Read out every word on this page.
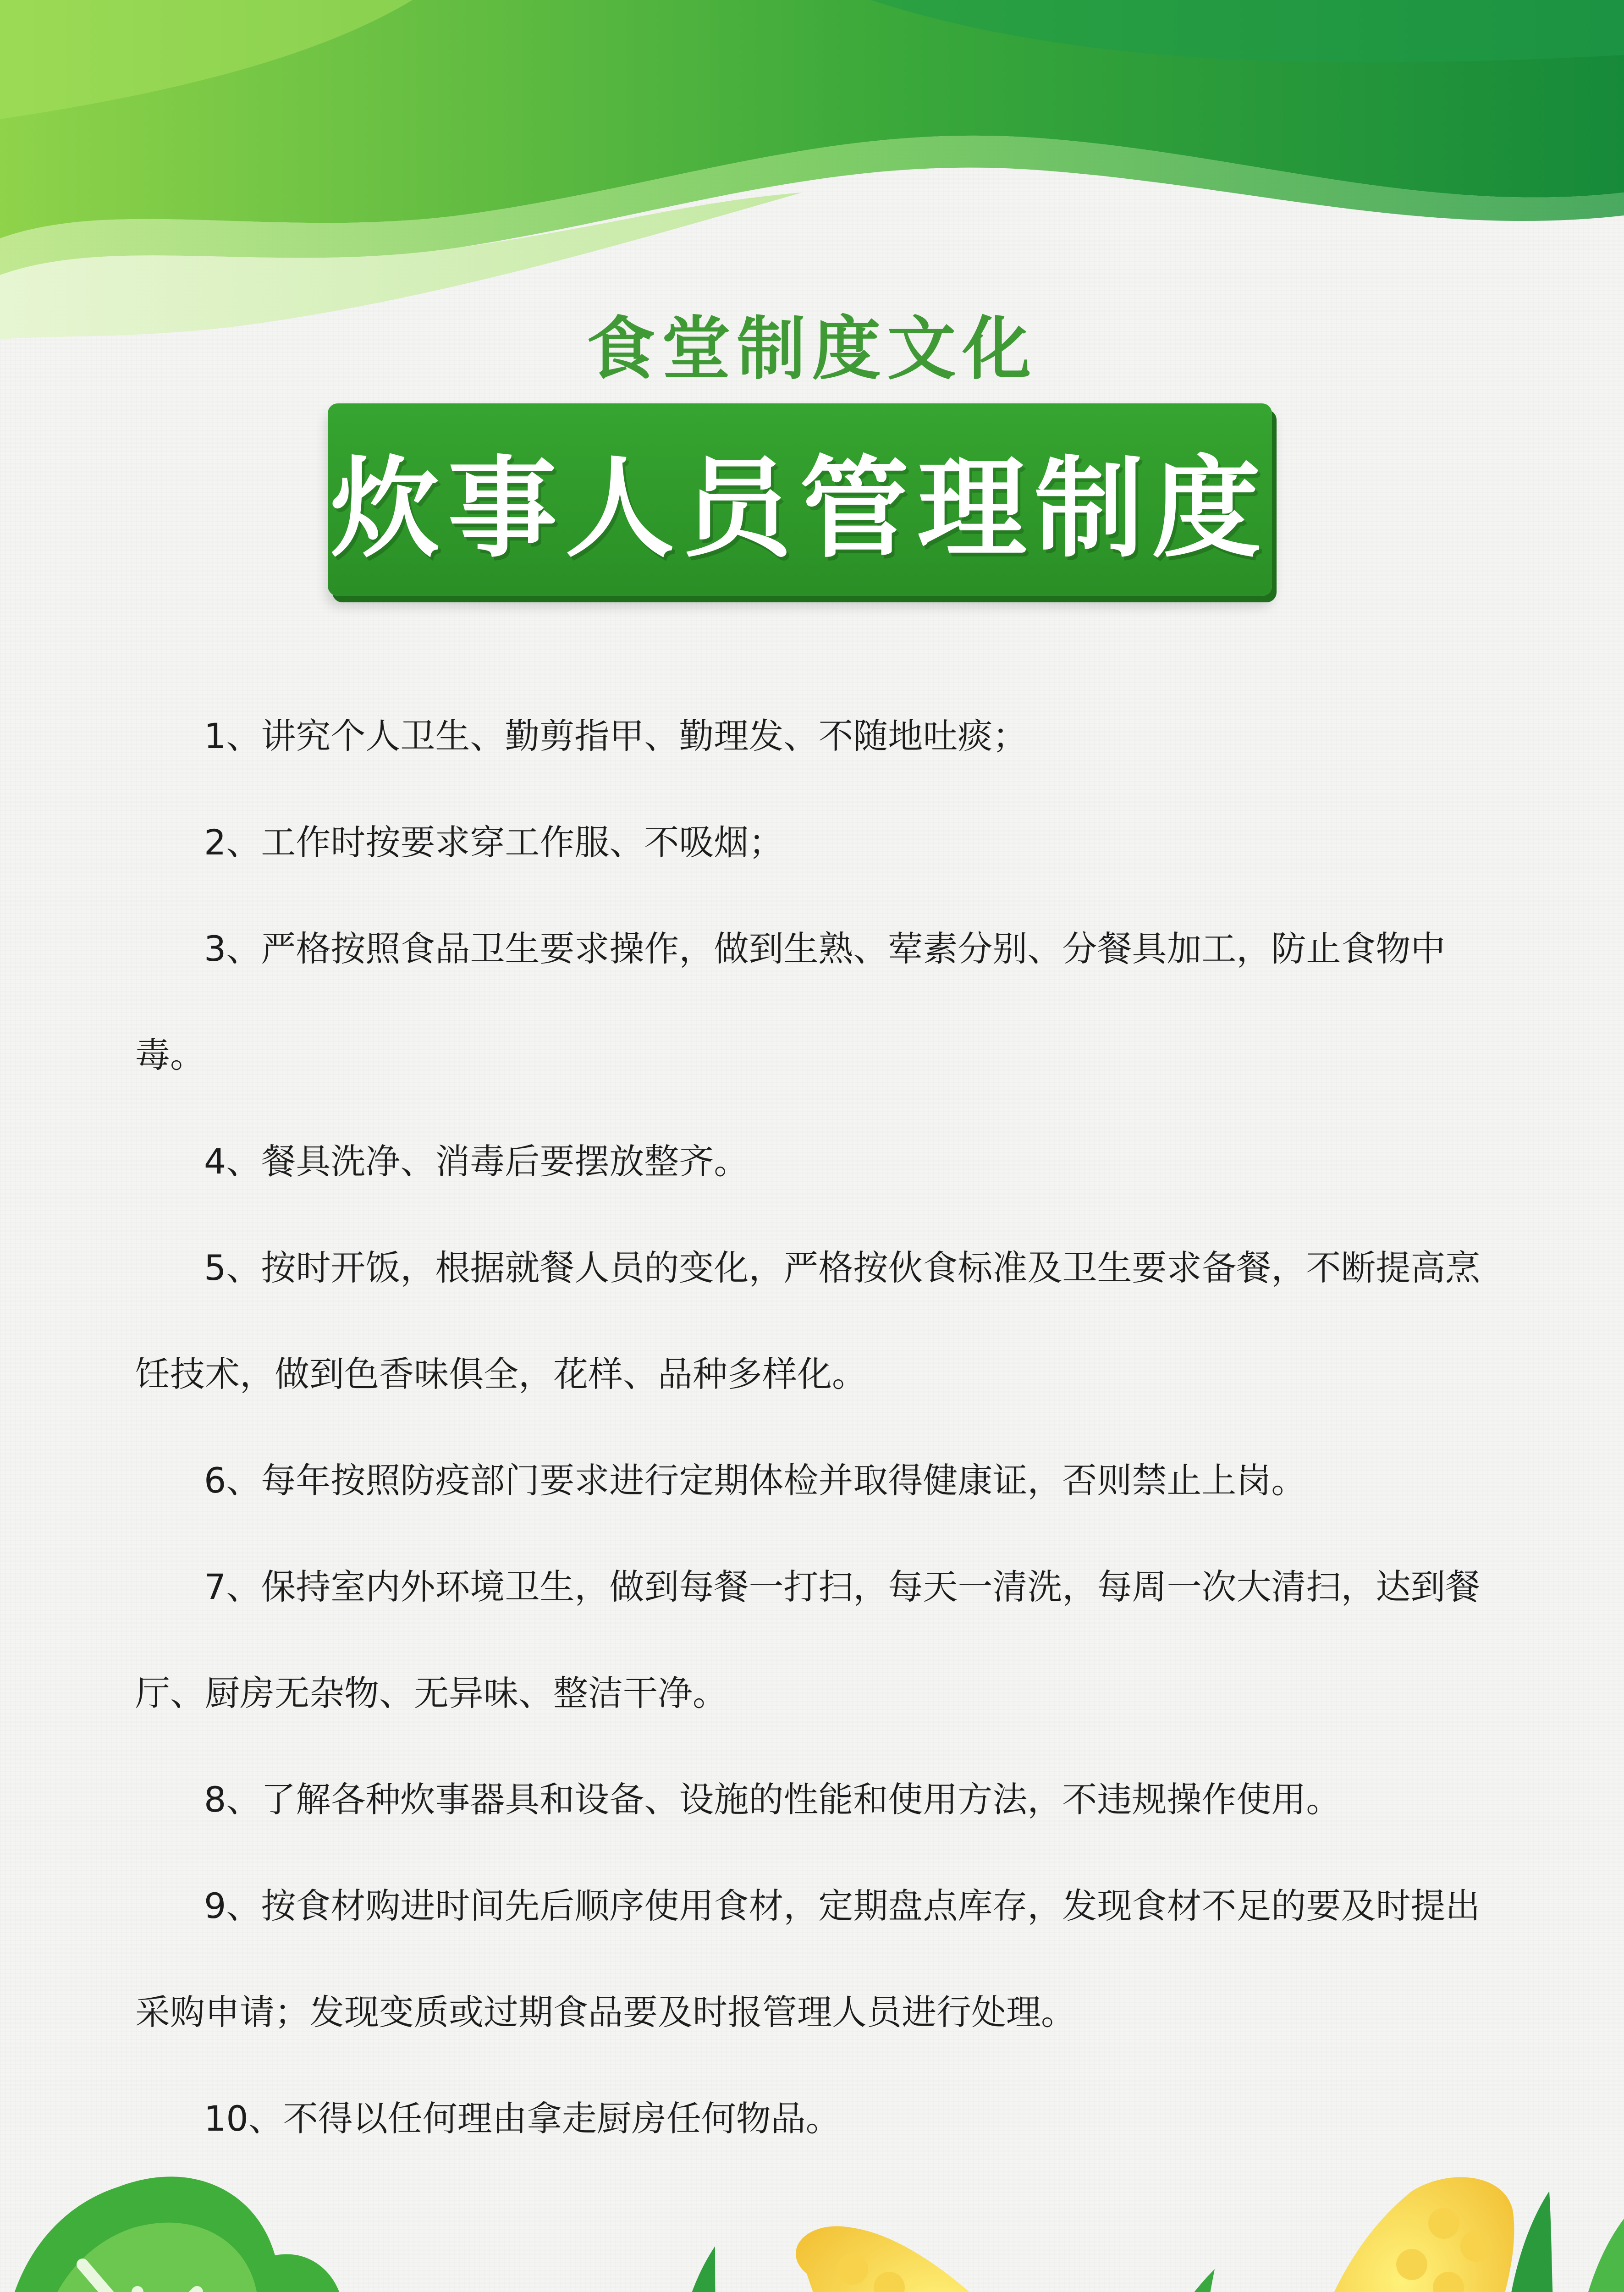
食堂制度文化
炊事人员管理制度

1、讲究个人卫生、勤剪指甲、勤理发、不随地吐痰；

2、工作时按要求穿工作服、不吸烟；

3、严格按照食品卫生要求操作，做到生熟、荤素分别、分餐具加工，防止食物中毒。

4、餐具洗净、消毒后要摆放整齐。

5、按时开饭，根据就餐人员的变化，严格按伙食标准及卫生要求备餐，不断提高烹饪技术，做到色香味俱全，花样、品种多样化。

6、每年按照防疫部门要求进行定期体检并取得健康证，否则禁止上岗。

7、保持室内外环境卫生，做到每餐一打扫，每天一清洗，每周一次大清扫，达到餐厅、厨房无杂物、无异味、整洁干净。

8、了解各种炊事器具和设备、设施的性能和使用方法，不违规操作使用。

9、按食材购进时间先后顺序使用食材，定期盘点库存，发现食材不足的要及时提出采购申请；发现变质或过期食品要及时报管理人员进行处理。

10、不得以任何理由拿走厨房任何物品。
